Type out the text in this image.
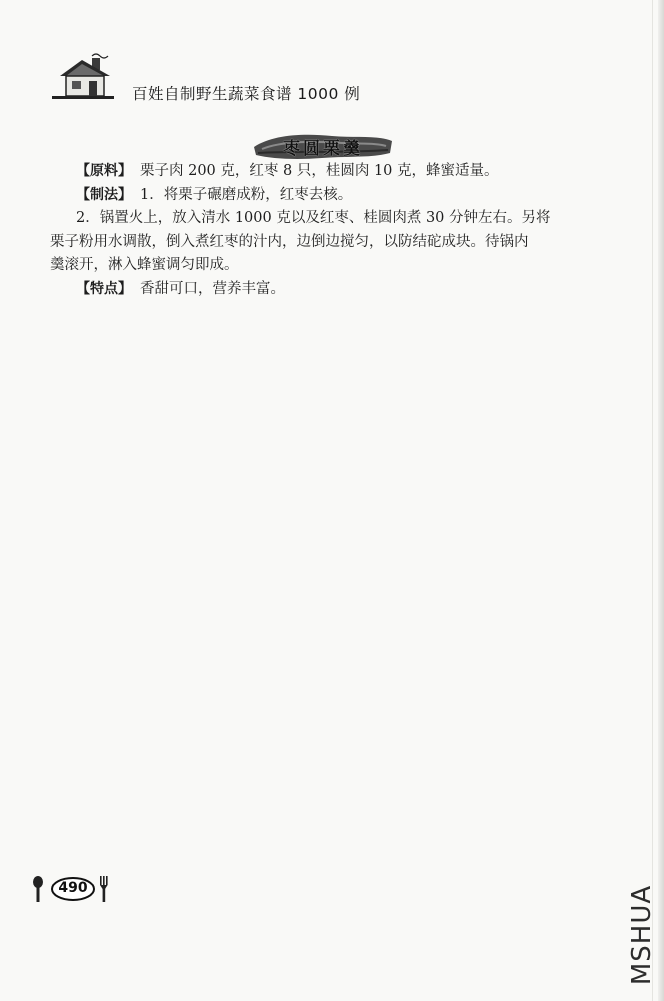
百姓自制野生蔬菜食谱 1000 例
枣圆栗羹

【原料】 栗子肉 200 克，红枣 8 只，桂圆肉 10 克，蜂蜜适量。

【制法】 1．将栗子碾磨成粉，红枣去核。

2．锅置火上，放入清水 1000 克以及红枣、桂圆肉煮 30 分钟左右。另将
栗子粉用水调散，倒入煮红枣的汁内，边倒边搅匀，以防结砣成块。待锅内
羹滚开，淋入蜂蜜调匀即成。

【特点】 香甜可口，营养丰富。

490	MSHUA
